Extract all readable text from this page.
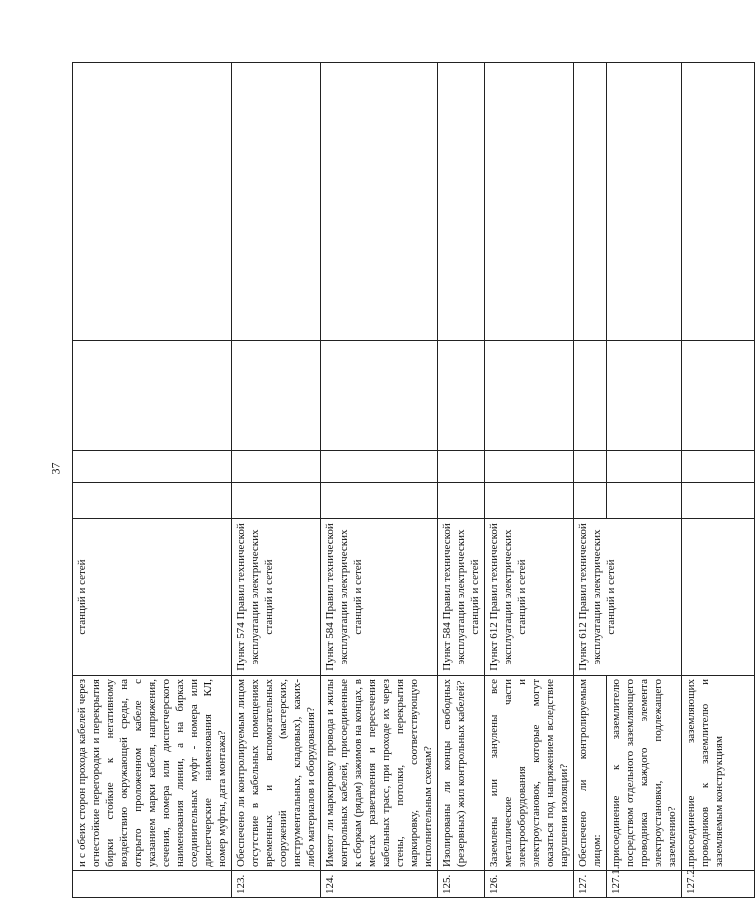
37
	и с обеих сторон прохода кабелей через огнестойкие перегородки и перекрытия бирки стойкие к негативному воздействию окружающей среды, на открыто проложенном кабеле с указанием марки кабеля, напряжения, сечения, номера или диспетчерского наименования линии, а на бирках соединительных муфт - номера или диспетчерские наименования КЛ, номер муфты, дата монтажа?	станций и сетей				
123.	Обеспечено ли контролируемым лицом отсутствие в кабельных помещениях временных и вспомогательных сооружений (мастерских, инструментальных, кладовых), каких-либо материалов и оборудования?	Пункт 574 Правил технической эксплуатации электрических станций и сетей				
124.	Имеют ли маркировку провода и жилы контрольных кабелей, присоединенные к сборкам (рядам) зажимов на концах, в местах разветвления и пересечения кабельных трасс, при проходе их через стены, потолки, перекрытия маркировку, соответствующую исполнительным схемам?	Пункт 584 Правил технической эксплуатации электрических станций и сетей				
125.	Изолированы ли концы свободных (резервных) жил контрольных кабелей?	Пункт 584 Правил технической эксплуатации электрических станций и сетей				
126.	Заземлены или занулены все металлические части электрооборудования и электроустановок, которые могут оказаться под напряжением вследствие нарушения изоляции?	Пункт 612 Правил технической эксплуатации электрических станций и сетей				
127.	Обеспечено ли контролируемым лицом:	Пункт 612 Правил технической эксплуатации электрических станций и сетей				
127.1.	присоединение к заземлителю посредством отдельного заземляющего проводника каждого элемента электроустановки, подлежащего заземлению?					
127.2.	присоединение заземляющих проводников к заземлителю и заземляемым конструкциям					
